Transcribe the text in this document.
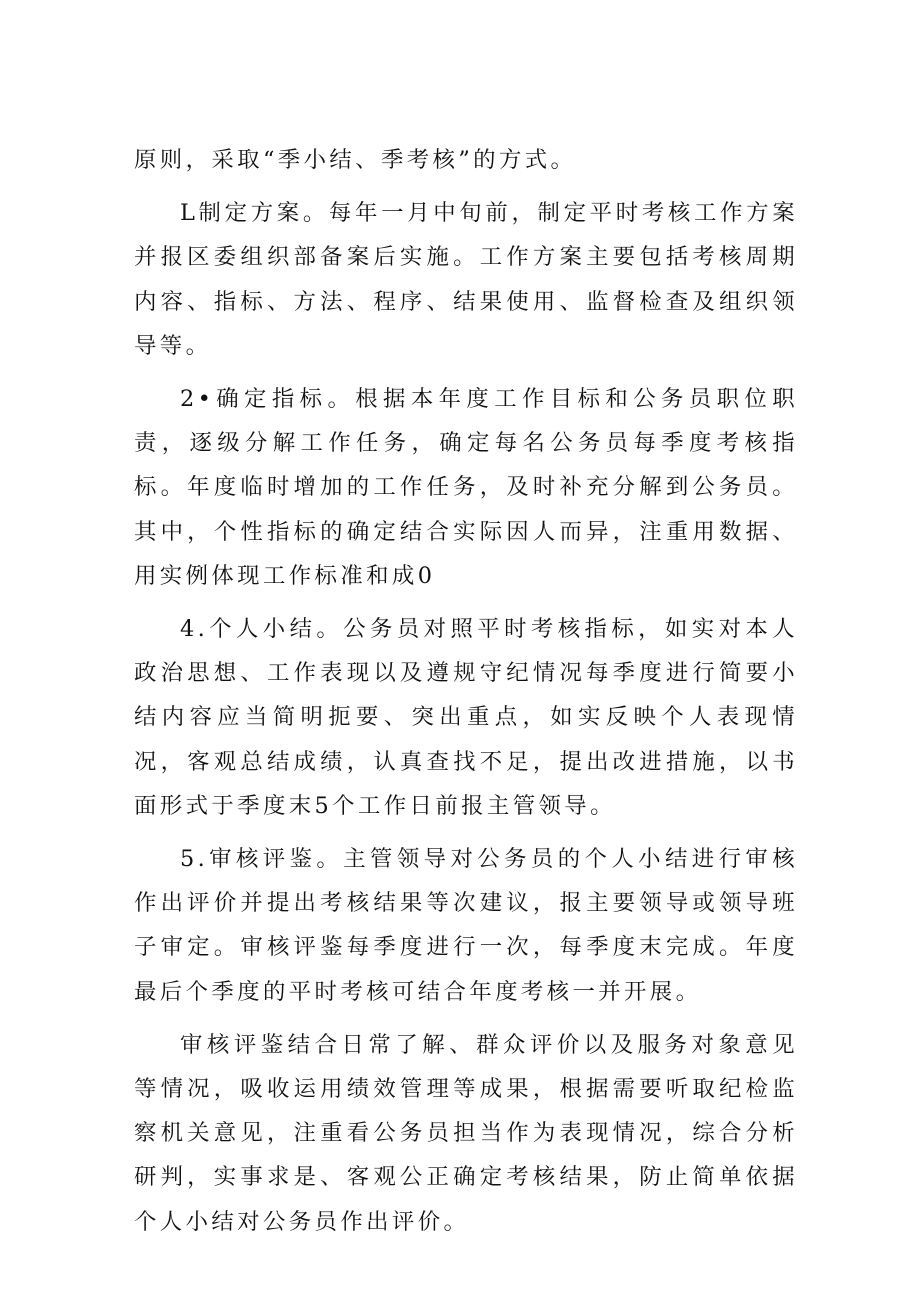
原则，采取“季小结、季考核”的方式。

L制定方案。每年一月中旬前，制定平时考核工作方案并报区委组织部备案后实施。工作方案主要包括考核周期内容、指标、方法、程序、结果使用、监督检查及组织领导等。

2•确定指标。根据本年度工作目标和公务员职位职责，逐级分解工作任务，确定每名公务员每季度考核指标。年度临时增加的工作任务，及时补充分解到公务员。其中，个性指标的确定结合实际因人而异，注重用数据、用实例体现工作标准和成0

4.个人小结。公务员对照平时考核指标，如实对本人政治思想、工作表现以及遵规守纪情况每季度进行简要小结内容应当简明扼要、突出重点，如实反映个人表现情况，客观总结成绩，认真查找不足，提出改进措施，以书面形式于季度末5个工作日前报主管领导。

5.审核评鉴。主管领导对公务员的个人小结进行审核作出评价并提出考核结果等次建议，报主要领导或领导班子审定。审核评鉴每季度进行一次，每季度末完成。年度最后个季度的平时考核可结合年度考核一并开展。

审核评鉴结合日常了解、群众评价以及服务对象意见等情况，吸收运用绩效管理等成果，根据需要听取纪检监察机关意见，注重看公务员担当作为表现情况，综合分析研判，实事求是、客观公正确定考核结果，防止简单依据个人小结对公务员作出评价。
